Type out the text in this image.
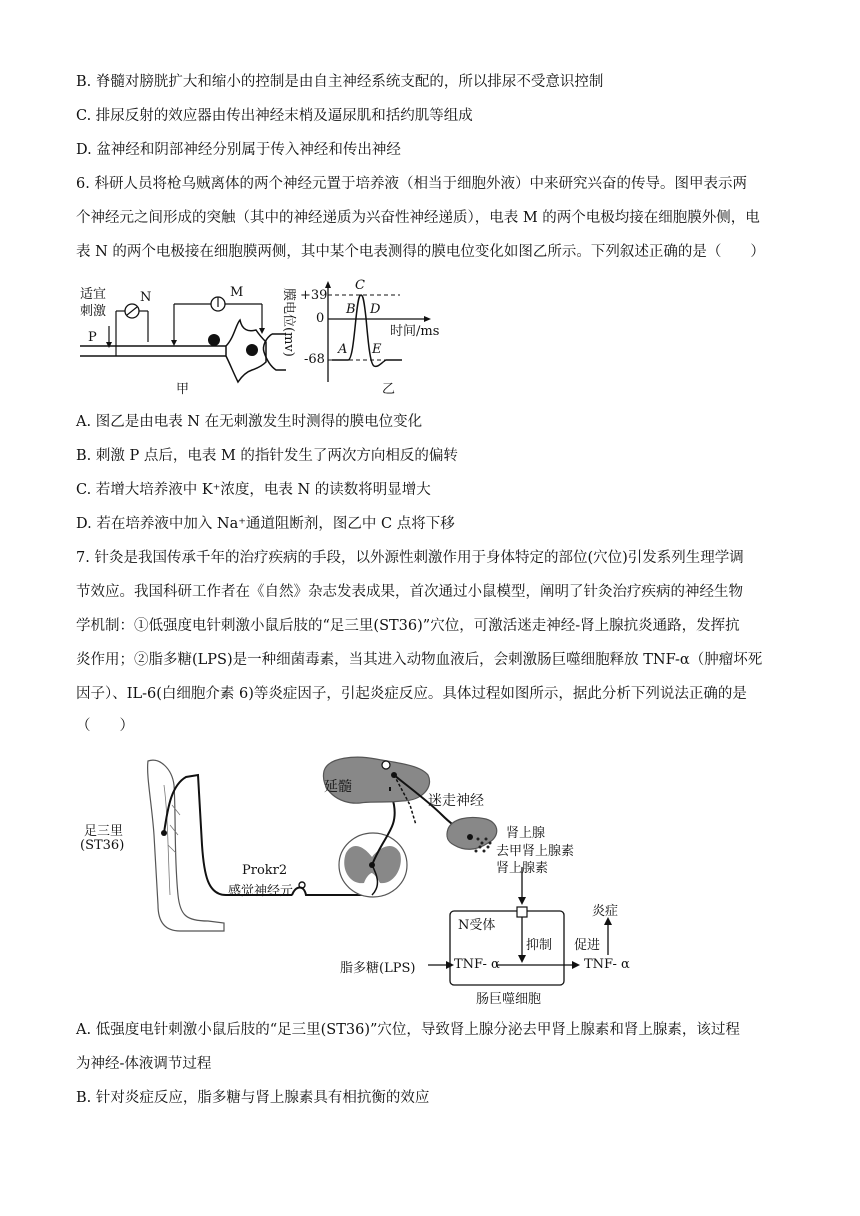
B. 脊髓对膀胱扩大和缩小的控制是由自主神经系统支配的，所以排尿不受意识控制
C. 排尿反射的效应器由传出神经末梢及逼尿肌和括约肌等组成
D. 盆神经和阴部神经分别属于传入神经和传出神经
6. 科研人员将枪乌贼离体的两个神经元置于培养液（相当于细胞外液）中来研究兴奋的传导。图甲表示两
个神经元之间形成的突触（其中的神经递质为兴奋性神经递质），电表 M 的两个电极均接在细胞膜外侧，电
表 N 的两个电极接在细胞膜两侧，其中某个电表测得的膜电位变化如图乙所示。下列叙述正确的是（　　）
适宜
刺激
P
N	M
甲
膜电位(mv) +39
0
-68
时间/ms
A
B
C
D
E
乙
A. 图乙是由电表 N 在无刺激发生时测得的膜电位变化
B. 刺激 P 点后，电表 M 的指针发生了两次方向相反的偏转
C. 若增大培养液中 K⁺浓度，电表 N 的读数将明显增大
D. 若在培养液中加入 Na⁺通道阻断剂，图乙中 C 点将下移
7. 针灸是我国传承千年的治疗疾病的手段，以外源性刺激作用于身体特定的部位(穴位)引发系列生理学调
节效应。我国科研工作者在《自然》杂志发表成果，首次通过小鼠模型，阐明了针灸治疗疾病的神经生物
学机制：①低强度电针刺激小鼠后肢的“足三里(ST36)”穴位，可激活迷走神经-肾上腺抗炎通路，发挥抗
炎作用；②脂多糖(LPS)是一种细菌毒素，当其进入动物血液后，会刺激肠巨噬细胞释放 TNF-α（肿瘤坏死
因子）、IL-6(白细胞介素 6)等炎症因子，引起炎症反应。具体过程如图所示，据此分析下列说法正确的是
（　　）
延髓
迷走神经
肾上腺
去甲肾上腺素
肾上腺素
足三里
(ST36)
Prokr2
感觉神经元
N受体
抑制 促进
炎症
脂多糖(LPS)	TNF- α	TNF- α
肠巨噬细胞
A. 低强度电针刺激小鼠后肢的“足三里(ST36)”穴位，导致肾上腺分泌去甲肾上腺素和肾上腺素，该过程
为神经-体液调节过程
B. 针对炎症反应，脂多糖与肾上腺素具有相抗衡的效应
